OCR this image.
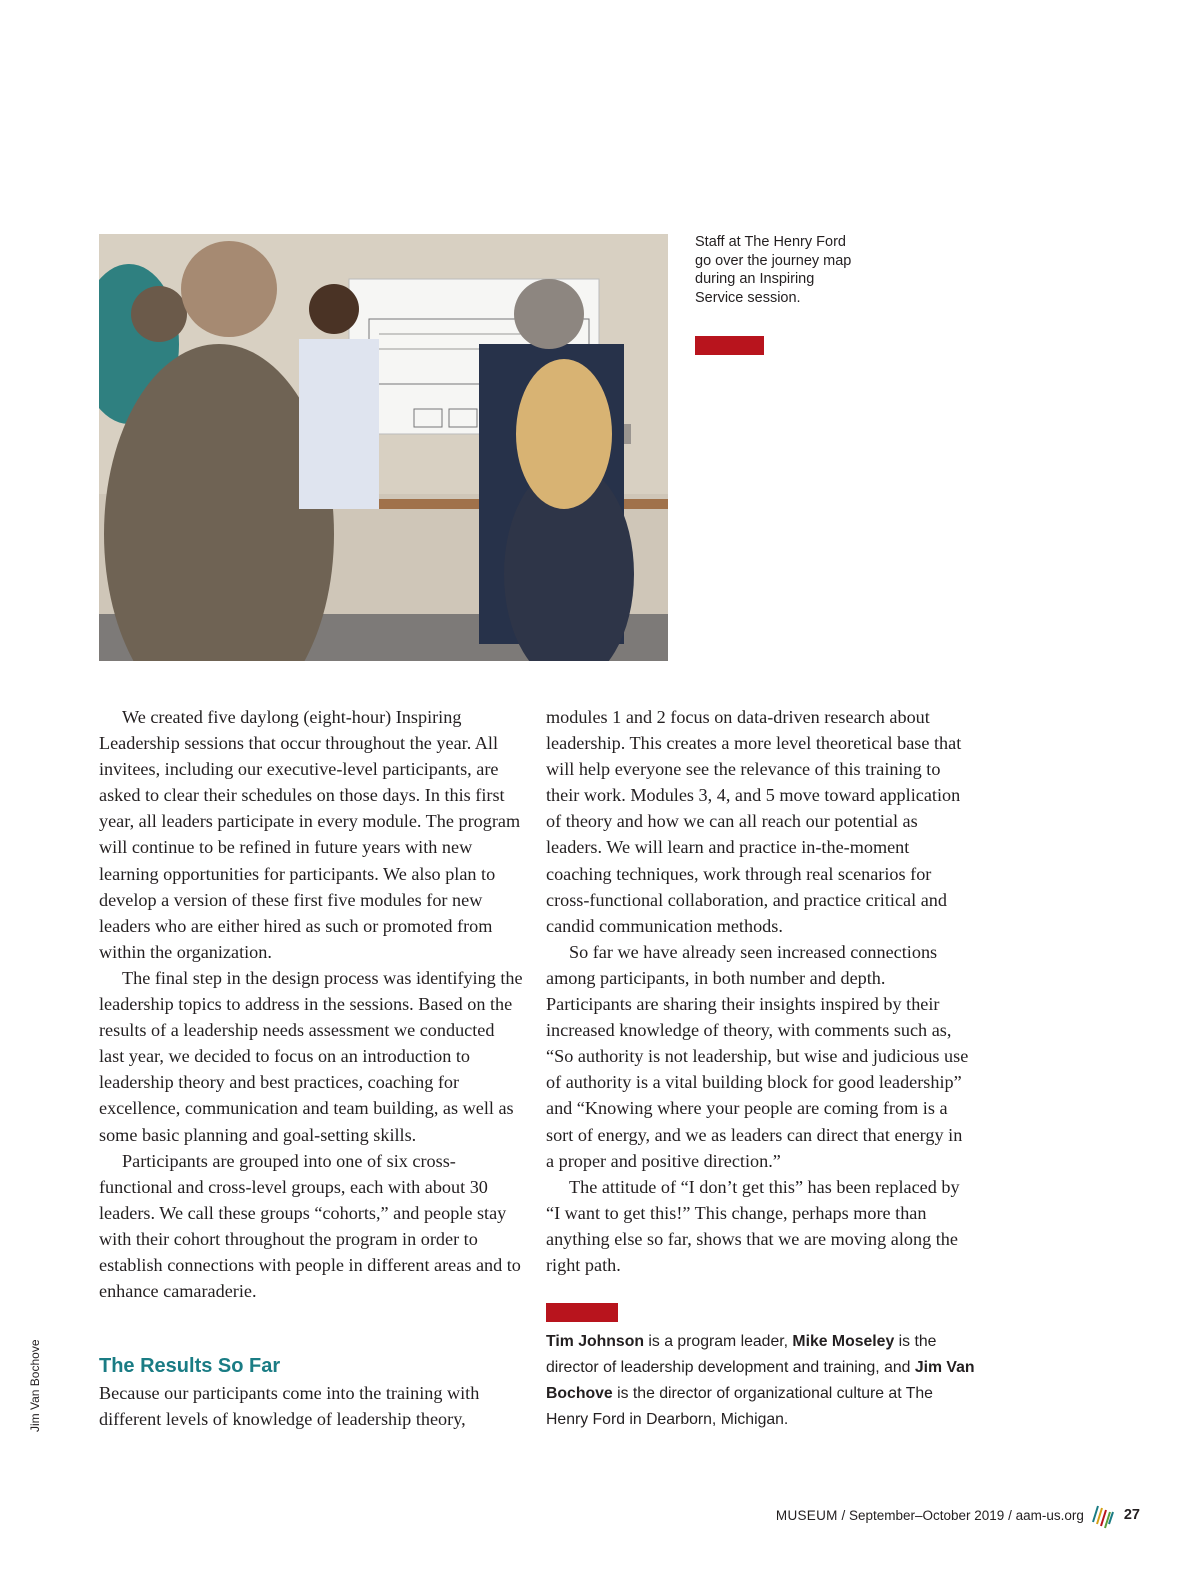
Staff at The Henry Ford go over the journey map during an Inspiring Service session.

We created five daylong (eight-hour) Inspiring Leadership sessions that occur throughout the year. All invitees, including our executive-level participants, are asked to clear their schedules on those days. In this first year, all leaders participate in every module. The program will continue to be refined in future years with new learning opportunities for participants. We also plan to develop a version of these first five modules for new leaders who are either hired as such or promoted from within the organization.

The final step in the design process was identifying the leadership topics to address in the sessions. Based on the results of a leadership needs assessment we conducted last year, we decided to focus on an introduction to leadership theory and best practices, coaching for excellence, communication and team building, as well as some basic planning and goal-setting skills.

Participants are grouped into one of six cross-functional and cross-level groups, each with about 30 leaders. We call these groups “cohorts,” and people stay with their cohort throughout the program in order to establish connections with people in different areas and to enhance camaraderie.

The Results So Far

Because our participants come into the training with different levels of knowledge of leadership theory,

modules 1 and 2 focus on data-driven research about leadership. This creates a more level theoretical base that will help everyone see the relevance of this training to their work. Modules 3, 4, and 5 move toward application of theory and how we can all reach our potential as leaders. We will learn and practice in-the-moment coaching techniques, work through real scenarios for cross-functional collaboration, and practice critical and candid communication methods.

So far we have already seen increased connections among participants, in both number and depth. Participants are sharing their insights inspired by their increased knowledge of theory, with comments such as, “So authority is not leadership, but wise and judicious use of authority is a vital building block for good leadership” and “Knowing where your people are coming from is a sort of energy, and we as leaders can direct that energy in a proper and positive direction.”

The attitude of “I don’t get this” has been replaced by “I want to get this!” This change, perhaps more than anything else so far, shows that we are moving along the right path.

Tim Johnson is a program leader, Mike Moseley is the director of leadership development and training, and Jim Van Bochove is the director of organizational culture at The Henry Ford in Dearborn, Michigan.

Jim Van Bochove
MUSEUM / September–October 2019 / aam-us.org	27
